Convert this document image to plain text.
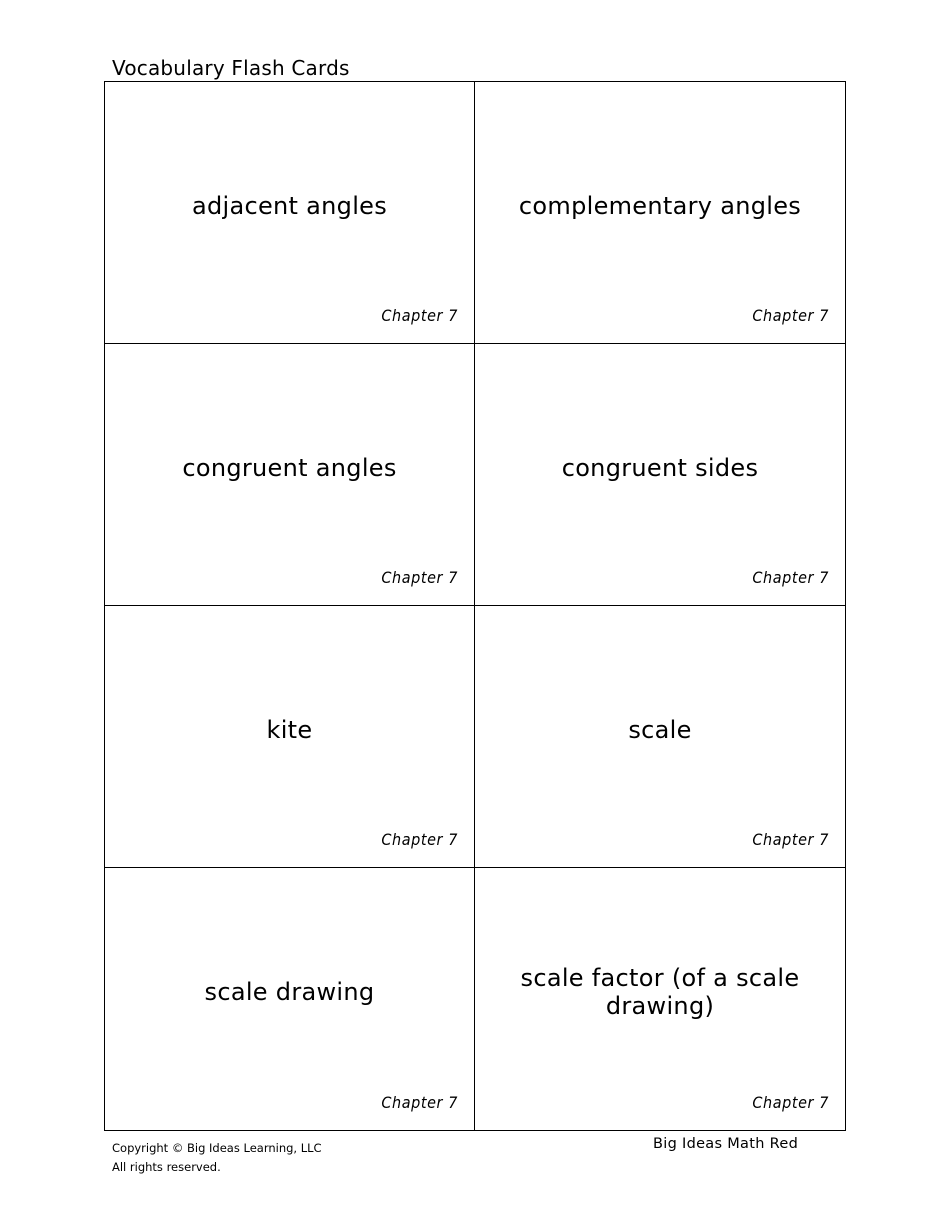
Vocabulary Flash Cards
adjacent angles
Chapter 7
complementary angles
Chapter 7
congruent angles
Chapter 7
congruent sides
Chapter 7
kite
Chapter 7
scale
Chapter 7
scale drawing
Chapter 7
scale factor (of a scale drawing)
Chapter 7
Copyright © Big Ideas Learning, LLC
All rights reserved.
Big Ideas Math Red
